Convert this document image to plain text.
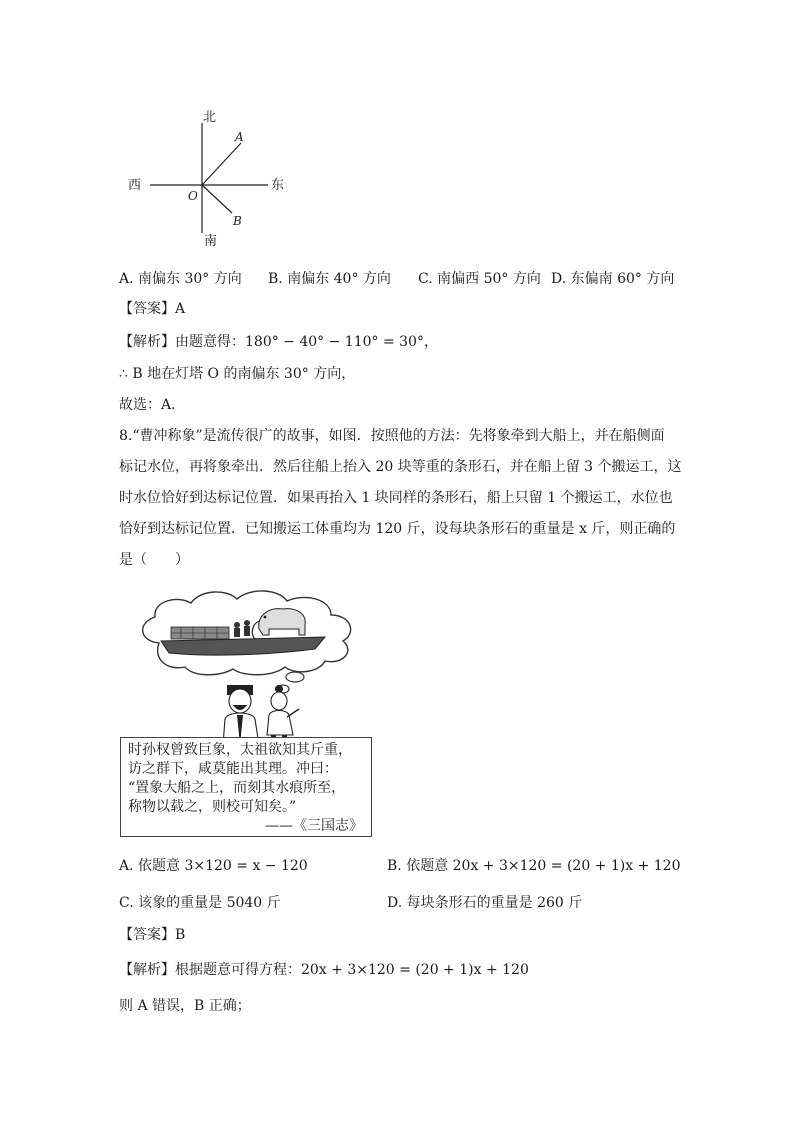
北
南
东
西
O
A
B
A. 南偏东 30° 方向 B. 南偏东 40° 方向 C. 南偏西 50° 方向 D. 东偏南 60° 方向
【答案】A
【解析】由题意得：180° − 40° − 110° = 30°，
∴ B 地在灯塔 O 的南偏东 30° 方向，
故选：A．
8.“曹冲称象”是流传很广的故事，如图．按照他的方法：先将象牵到大船上，并在船侧面
标记水位，再将象牵出．然后往船上抬入 20 块等重的条形石，并在船上留 3 个搬运工，这
时水位恰好到达标记位置．如果再抬入 1 块同样的条形石，船上只留 1 个搬运工，水位也
恰好到达标记位置．已知搬运工体重均为 120 斤，设每块条形石的重量是 x 斤，则正确的
是（　　）
时孙权曾致巨象，太祖欲知其斤重，
访之群下，咸莫能出其理。冲曰：
“置象大船之上，而刻其水痕所至，
称物以载之，则校可知矣。”
——《三国志》
A. 依题意 3×120 = x − 120	B. 依题意 20x + 3×120 = (20 + 1)x + 120
C. 该象的重量是 5040 斤	D. 每块条形石的重量是 260 斤
【答案】B
【解析】根据题意可得方程：20x + 3×120 = (20 + 1)x + 120
则 A 错误，B 正确；
